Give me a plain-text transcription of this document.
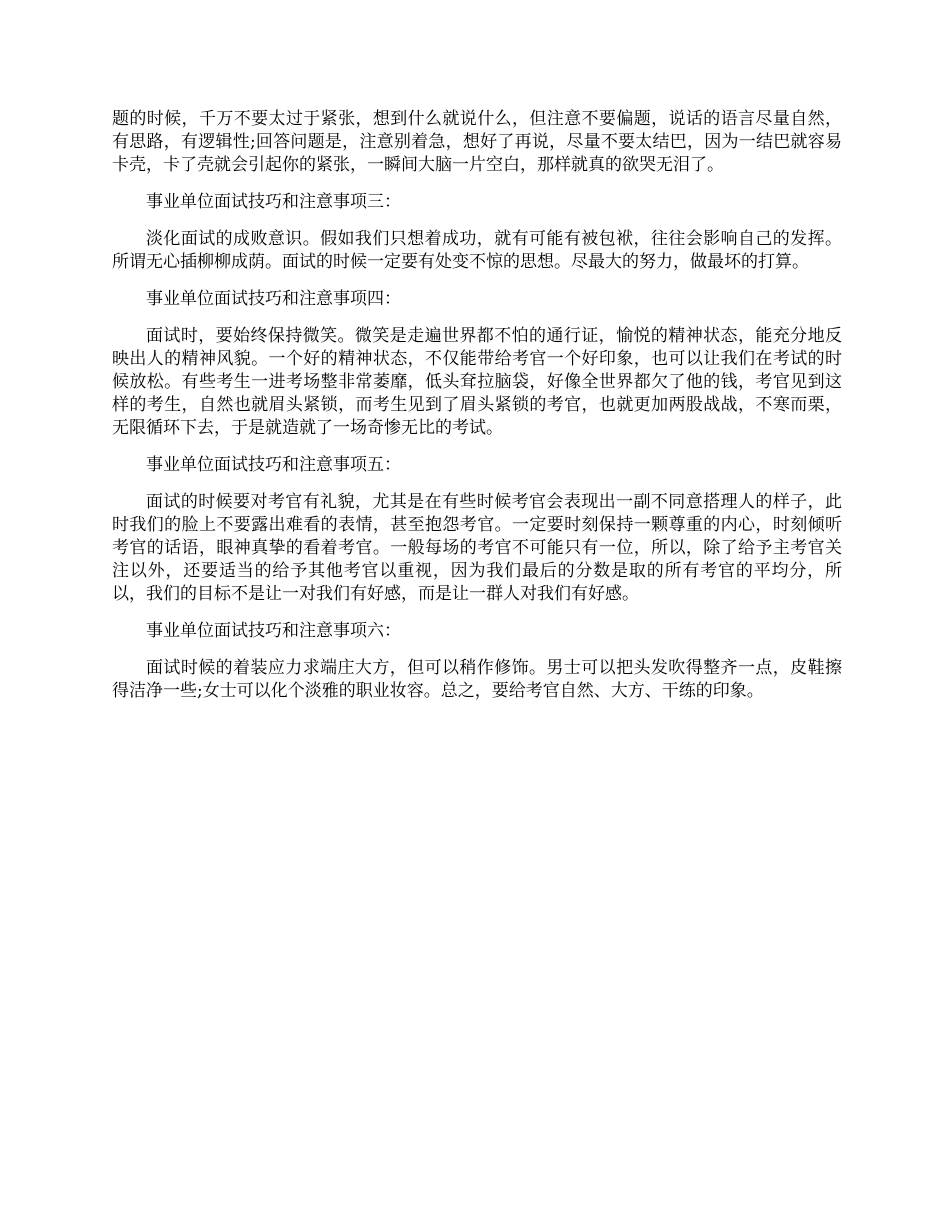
题的时候，千万不要太过于紧张，想到什么就说什么，但注意不要偏题，说话的语言尽量自然，有思路，有逻辑性;回答问题是，注意别着急，想好了再说，尽量不要太结巴，因为一结巴就容易卡壳，卡了壳就会引起你的紧张，一瞬间大脑一片空白，那样就真的欲哭无泪了。

事业单位面试技巧和注意事项三：

淡化面试的成败意识。假如我们只想着成功，就有可能有被包袱，往往会影响自己的发挥。所谓无心插柳柳成荫。面试的时候一定要有处变不惊的思想。尽最大的努力，做最坏的打算。

事业单位面试技巧和注意事项四：

面试时，要始终保持微笑。微笑是走遍世界都不怕的通行证，愉悦的精神状态，能充分地反映出人的精神风貌。一个好的精神状态，不仅能带给考官一个好印象，也可以让我们在考试的时候放松。有些考生一进考场整非常萎靡，低头耷拉脑袋，好像全世界都欠了他的钱，考官见到这样的考生，自然也就眉头紧锁，而考生见到了眉头紧锁的考官，也就更加两股战战，不寒而栗，无限循环下去，于是就造就了一场奇惨无比的考试。

事业单位面试技巧和注意事项五：

面试的时候要对考官有礼貌，尤其是在有些时候考官会表现出一副不同意搭理人的样子，此时我们的脸上不要露出难看的表情，甚至抱怨考官。一定要时刻保持一颗尊重的内心，时刻倾听考官的话语，眼神真挚的看着考官。一般每场的考官不可能只有一位，所以，除了给予主考官关注以外，还要适当的给予其他考官以重视，因为我们最后的分数是取的所有考官的平均分，所以，我们的目标不是让一对我们有好感，而是让一群人对我们有好感。

事业单位面试技巧和注意事项六：

面试时候的着装应力求端庄大方，但可以稍作修饰。男士可以把头发吹得整齐一点，皮鞋擦得洁净一些;女士可以化个淡雅的职业妆容。总之，要给考官自然、大方、干练的印象。
